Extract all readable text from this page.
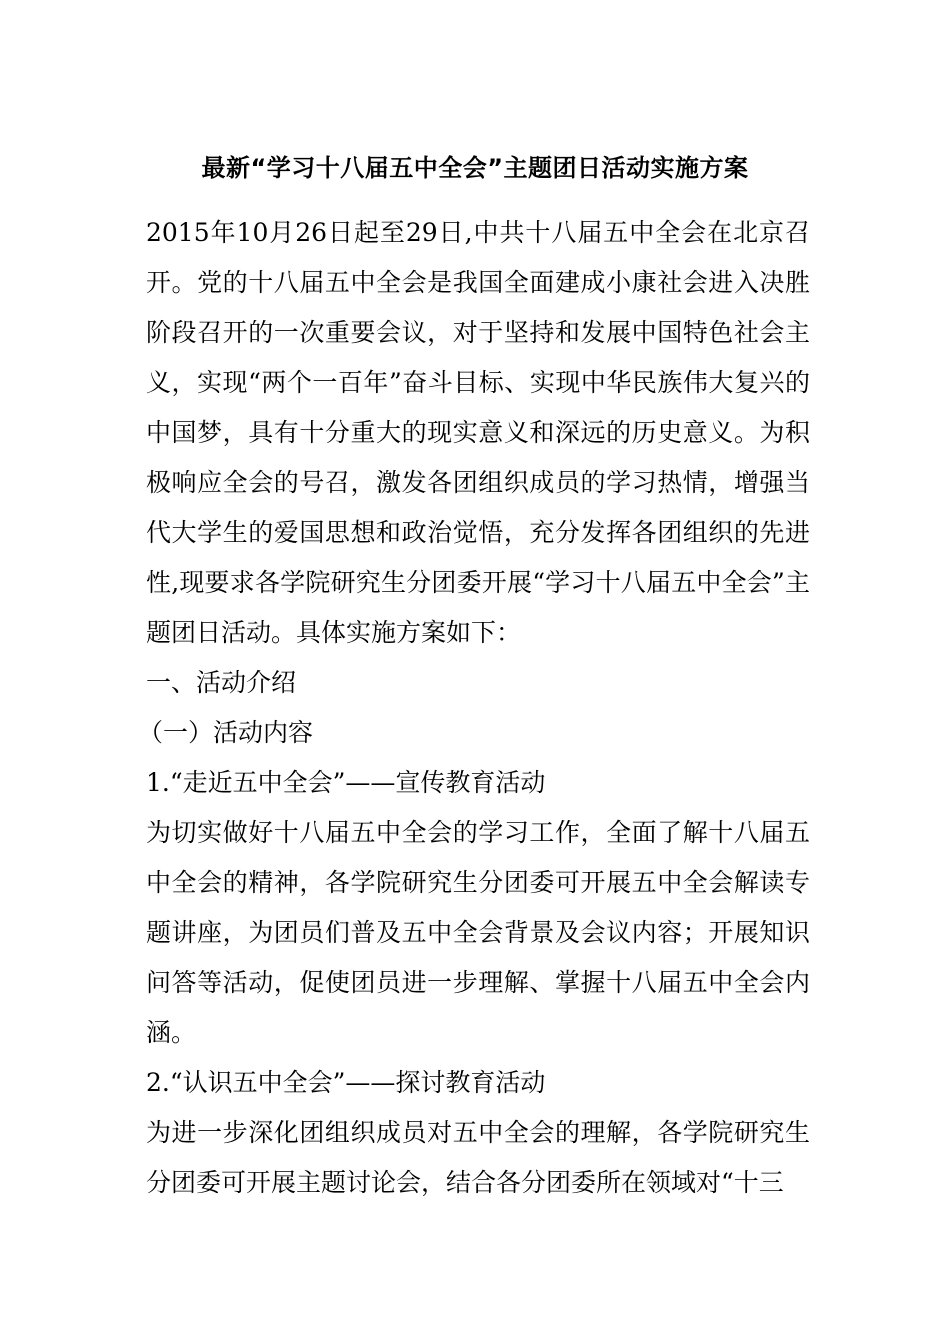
最新“学习十八届五中全会”主题团日活动实施方案

2015年10月26日起至29日,中共十八届五中全会在北京召开。党的十八届五中全会是我国全面建成小康社会进入决胜阶段召开的一次重要会议，对于坚持和发展中国特色社会主义，实现“两个一百年”奋斗目标、实现中华民族伟大复兴的中国梦，具有十分重大的现实意义和深远的历史意义。为积极响应全会的号召，激发各团组织成员的学习热情，增强当代大学生的爱国思想和政治觉悟，充分发挥各团组织的先进性,现要求各学院研究生分团委开展“学习十八届五中全会”主题团日活动。具体实施方案如下：

一、活动介绍

（一）活动内容

1.“走近五中全会”——宣传教育活动

为切实做好十八届五中全会的学习工作，全面了解十八届五中全会的精神，各学院研究生分团委可开展五中全会解读专题讲座，为团员们普及五中全会背景及会议内容；开展知识问答等活动，促使团员进一步理解、掌握十八届五中全会内涵。

2.“认识五中全会”——探讨教育活动

为进一步深化团组织成员对五中全会的理解，各学院研究生分团委可开展主题讨论会，结合各分团委所在领域对“十三
